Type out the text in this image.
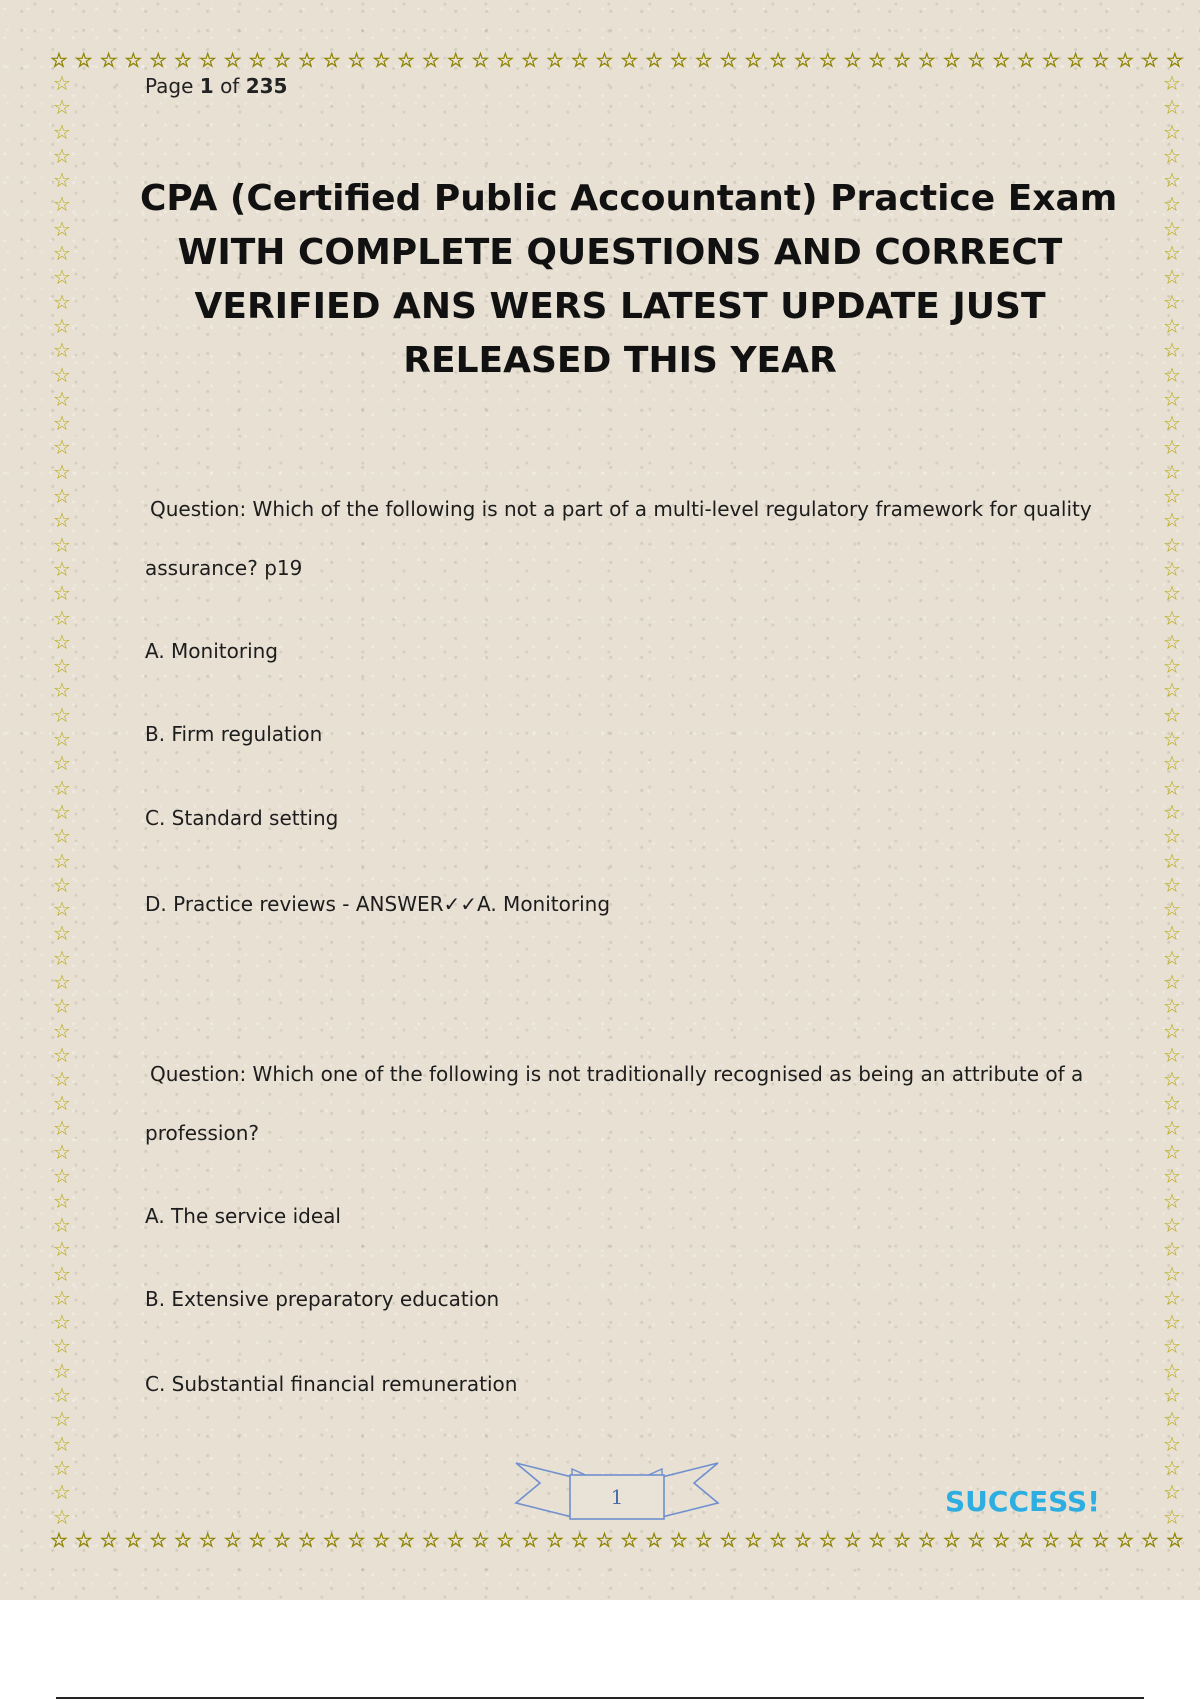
☆ ☆ ☆ ☆ ☆ ☆ ☆ ☆ ☆ ☆ ☆ ☆ ☆ ☆ ☆ ☆ ☆ ☆ ☆ ☆ ☆ ☆ ☆ ☆ ☆ ☆ ☆ ☆ ☆ ☆ ☆ ☆ ☆ ☆ ☆ ☆ ☆ ☆ ☆ ☆ ☆ ☆ ☆ ☆ ☆ ☆
☆ ☆ ☆ ☆ ☆ ☆ ☆ ☆ ☆ ☆ ☆ ☆ ☆ ☆ ☆ ☆ ☆ ☆ ☆ ☆ ☆ ☆ ☆ ☆ ☆ ☆ ☆ ☆ ☆ ☆ ☆ ☆ ☆ ☆ ☆ ☆ ☆ ☆ ☆ ☆ ☆ ☆ ☆ ☆ ☆ ☆
☆
☆
☆
☆
☆
☆
☆
☆
☆
☆
☆
☆
☆
☆
☆
☆
☆
☆
☆
☆
☆
☆
☆
☆
☆
☆
☆
☆
☆
☆
☆
☆
☆
☆
☆
☆
☆
☆
☆
☆
☆
☆
☆
☆
☆
☆
☆
☆
☆
☆
☆
☆
☆
☆
☆
☆
☆
☆
☆
☆
☆
☆
☆
☆
☆
☆
☆
☆
☆
☆
☆
☆
☆
☆
☆
☆
☆
☆
☆
☆
☆
☆
☆
☆
☆
☆
☆
☆
☆
☆
☆
☆
☆
☆
☆
☆
☆
☆
☆
☆
☆
☆
☆
☆
☆
☆
☆
☆
☆
☆
☆
☆
☆
☆
☆
☆
☆
☆
☆
☆
Page 1 of 235
CPA (Certified Public Accountant) Practice Exam
WITH COMPLETE QUESTIONS AND CORRECT
VERIFIED ANS WERS LATEST UPDATE JUST
RELEASED THIS YEAR
Question: Which of the following is not a part of a multi-level regulatory framework for quality
assurance? p19
A. Monitoring
B. Firm regulation
C. Standard setting
D. Practice reviews - ANSWER✓✓A. Monitoring
Question: Which one of the following is not traditionally recognised as being an attribute of a
profession?
A. The service ideal
B. Extensive preparatory education
C. Substantial financial remuneration
1	SUCCESS!
